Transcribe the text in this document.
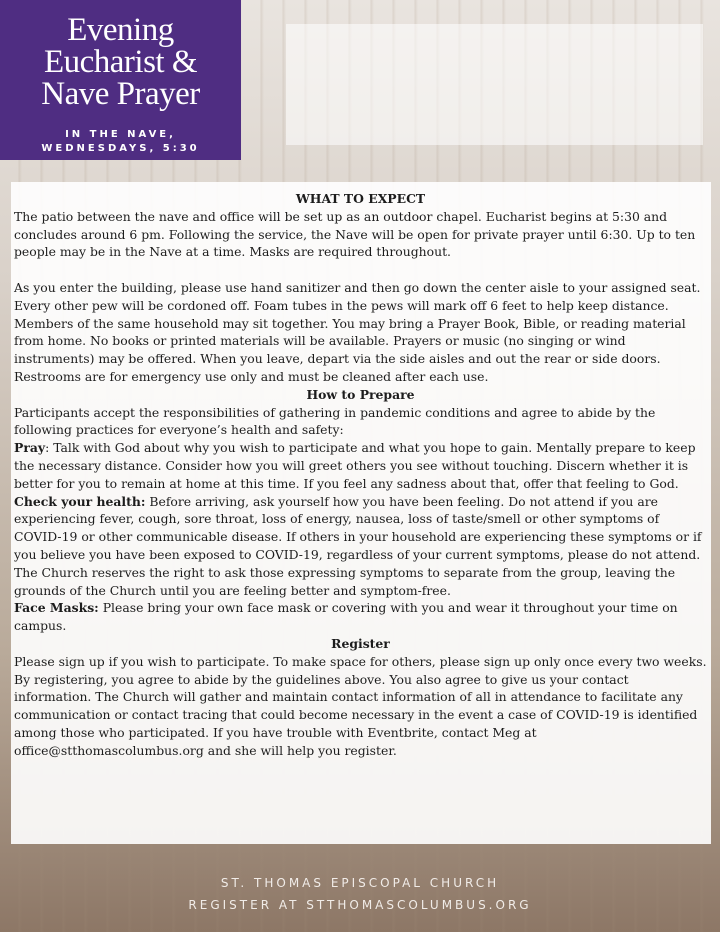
Evening
Eucharist &
Nave Prayer
IN THE NAVE, WEDNESDAYS, 5:30
WHAT TO EXPECT
The patio between the nave and office will be set up as an outdoor chapel. Eucharist begins at 5:30 and concludes around 6 pm. Following the service, the Nave will be open for private prayer until 6:30. Up to ten people may be in the Nave at a time. Masks are required throughout.
As you enter the building, please use hand sanitizer and then go down the center aisle to your assigned seat. Every other pew will be cordoned off. Foam tubes in the pews will mark off 6 feet to help keep distance. Members of the same household may sit together. You may bring a Prayer Book, Bible, or reading material from home. No books or printed materials will be available. Prayers or music (no singing or wind instruments) may be offered. When you leave, depart via the side aisles and out the rear or side doors. Restrooms are for emergency use only and must be cleaned after each use.
How to Prepare
Participants accept the responsibilities of gathering in pandemic conditions and agree to abide by the following practices for everyone’s health and safety:
Pray: Talk with God about why you wish to participate and what you hope to gain. Mentally prepare to keep the necessary distance. Consider how you will greet others you see without touching. Discern whether it is better for you to remain at home at this time. If you feel any sadness about that, offer that feeling to God.
Check your health: Before arriving, ask yourself how you have been feeling. Do not attend if you are experiencing fever, cough, sore throat, loss of energy, nausea, loss of taste/smell or other symptoms of COVID-19 or other communicable disease. If others in your household are experiencing these symptoms or if you believe you have been exposed to COVID-19, regardless of your current symptoms, please do not attend. The Church reserves the right to ask those expressing symptoms to separate from the group, leaving the grounds of the Church until you are feeling better and symptom-free.
Face Masks: Please bring your own face mask or covering with you and wear it throughout your time on campus.
Register
Please sign up if you wish to participate. To make space for others, please sign up only once every two weeks. By registering, you agree to abide by the guidelines above. You also agree to give us your contact information. The Church will gather and maintain contact information of all in attendance to facilitate any communication or contact tracing that could become necessary in the event a case of COVID-19 is identified among those who participated. If you have trouble with Eventbrite, contact Meg at office@stthomascolumbus.org and she will help you register.
ST. THOMAS EPISCOPAL CHURCH
REGISTER AT STTHOMASCOLUMBUS.ORG
